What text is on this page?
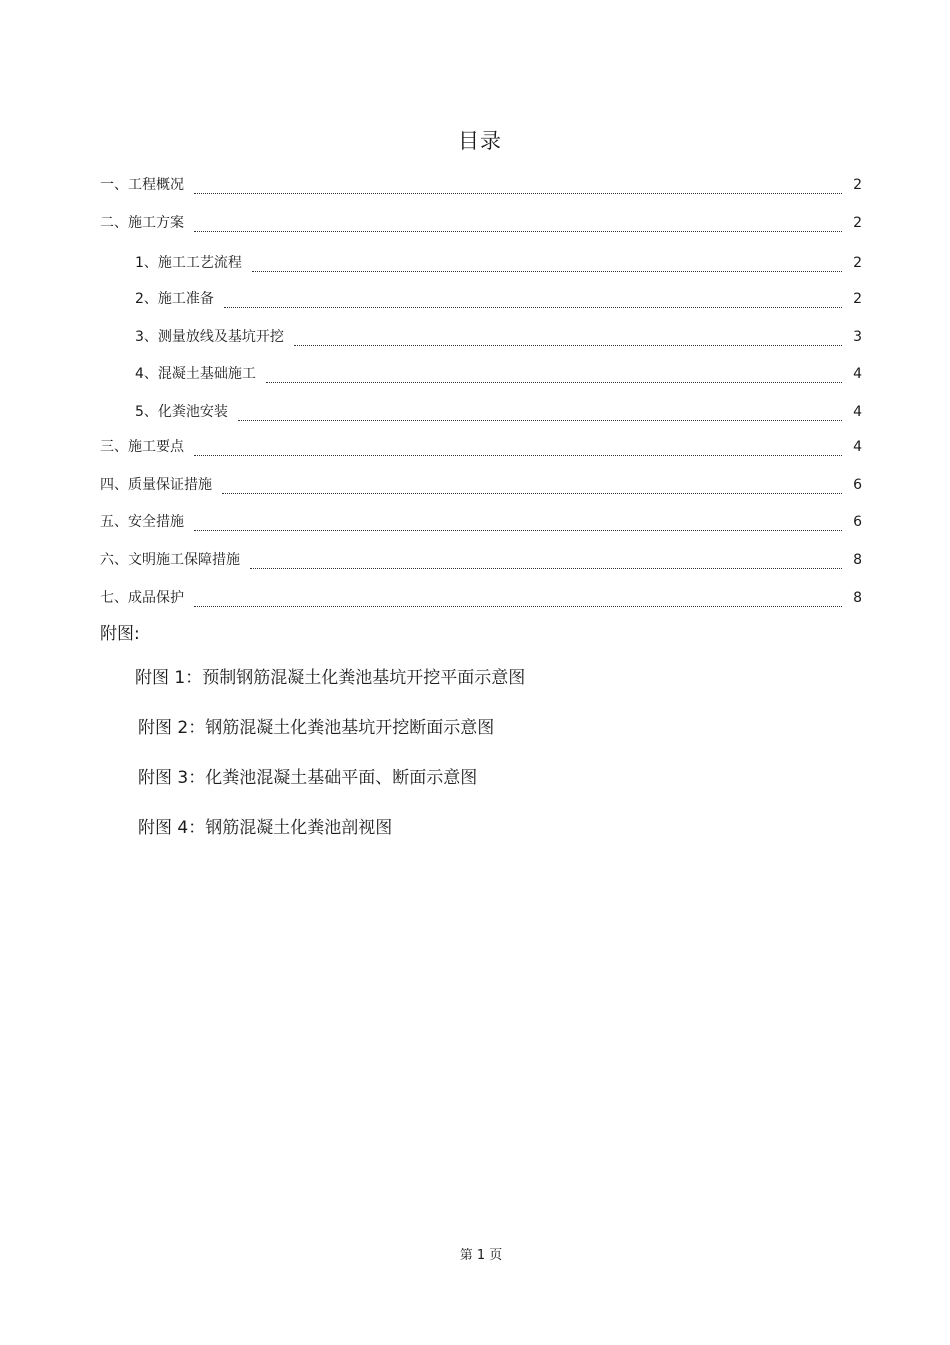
目录
一、工程概况	2
二、施工方案	2
1、施工工艺流程	2
2、施工准备	2
3、测量放线及基坑开挖	3
4、混凝土基础施工	4
5、化粪池安装	4
三、施工要点	4
四、质量保证措施	6
五、安全措施	6
六、文明施工保障措施	8
七、成品保护	8
附图:
附图 1：预制钢筋混凝土化粪池基坑开挖平面示意图
附图 2：钢筋混凝土化粪池基坑开挖断面示意图
附图 3：化粪池混凝土基础平面、断面示意图
附图 4：钢筋混凝土化粪池剖视图
第 1 页
